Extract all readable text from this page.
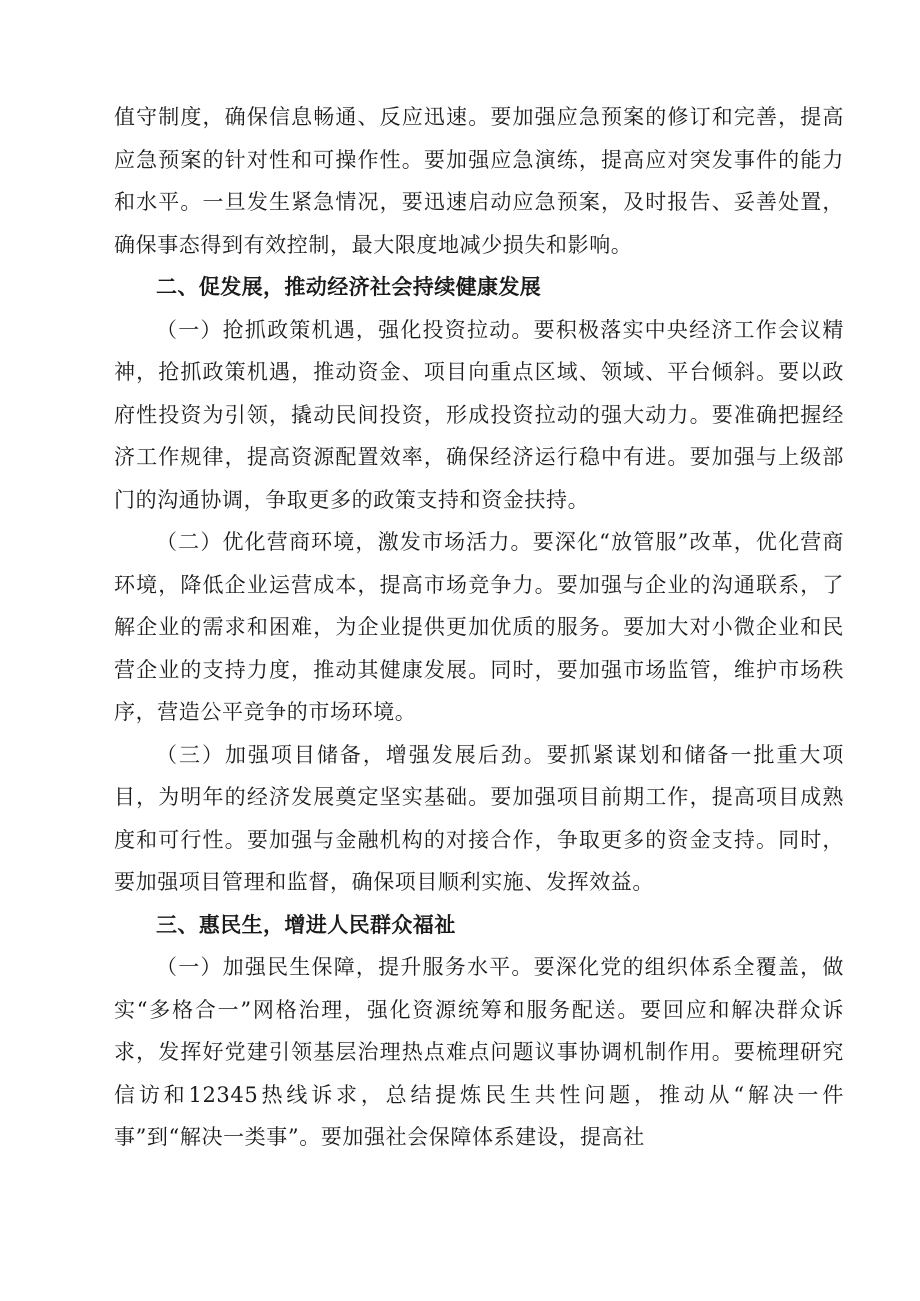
值守制度，确保信息畅通、反应迅速。要加强应急预案的修订和完善，提高应急预案的针对性和可操作性。要加强应急演练，提高应对突发事件的能力和水平。一旦发生紧急情况，要迅速启动应急预案，及时报告、妥善处置，确保事态得到有效控制，最大限度地减少损失和影响。

二、促发展，推动经济社会持续健康发展

（一）抢抓政策机遇，强化投资拉动。要积极落实中央经济工作会议精神，抢抓政策机遇，推动资金、项目向重点区域、领域、平台倾斜。要以政府性投资为引领，撬动民间投资，形成投资拉动的强大动力。要准确把握经济工作规律，提高资源配置效率，确保经济运行稳中有进。要加强与上级部门的沟通协调，争取更多的政策支持和资金扶持。

（二）优化营商环境，激发市场活力。要深化“放管服”改革，优化营商环境，降低企业运营成本，提高市场竞争力。要加强与企业的沟通联系，了解企业的需求和困难，为企业提供更加优质的服务。要加大对小微企业和民营企业的支持力度，推动其健康发展。同时，要加强市场监管，维护市场秩序，营造公平竞争的市场环境。

（三）加强项目储备，增强发展后劲。要抓紧谋划和储备一批重大项目，为明年的经济发展奠定坚实基础。要加强项目前期工作，提高项目成熟度和可行性。要加强与金融机构的对接合作，争取更多的资金支持。同时，要加强项目管理和监督，确保项目顺利实施、发挥效益。

三、惠民生，增进人民群众福祉

（一）加强民生保障，提升服务水平。要深化党的组织体系全覆盖，做实“多格合一”网格治理，强化资源统筹和服务配送。要回应和解决群众诉求，发挥好党建引领基层治理热点难点问题议事协调机制作用。要梳理研究信访和12345热线诉求，总结提炼民生共性问题，推动从“解决一件事”到“解决一类事”。要加强社会保障体系建设，提高社
